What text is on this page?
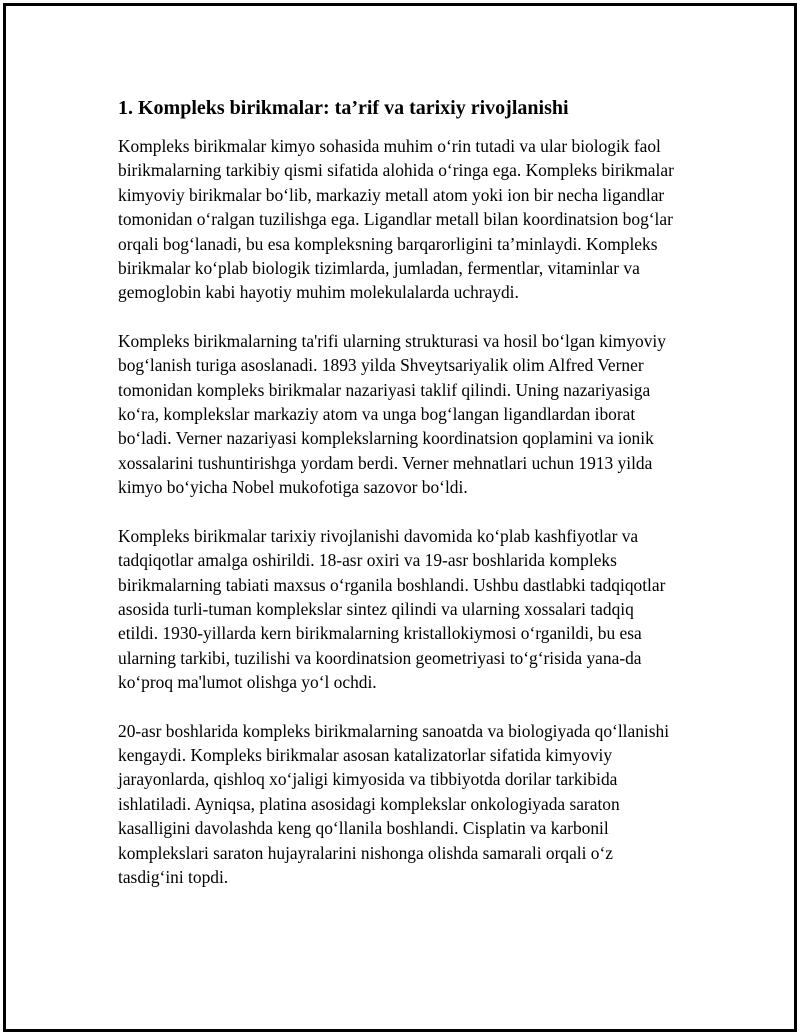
1. Kompleks birikmalar: ta’rif va tarixiy rivojlanishi

Kompleks birikmalar kimyo sohasida muhim o‘rin tutadi va ular biologik faol birikmalarning tarkibiy qismi sifatida alohida o‘ringa ega. Kompleks birikmalar kimyoviy birikmalar bo‘lib, markaziy metall atom yoki ion bir necha ligandlar tomonidan o‘ralgan tuzilishga ega. Ligandlar metall bilan koordinatsion bog‘lar orqali bog‘lanadi, bu esa kompleksning barqarorligini ta’minlaydi. Kompleks birikmalar ko‘plab biologik tizimlarda, jumladan, fermentlar, vitaminlar va gemoglobin kabi hayotiy muhim molekulalarda uchraydi.

Kompleks birikmalarning ta'rifi ularning strukturasi va hosil bo‘lgan kimyoviy bog‘lanish turiga asoslanadi. 1893 yilda Shveytsariyalik olim Alfred Verner tomonidan kompleks birikmalar nazariyasi taklif qilindi. Uning nazariyasiga ko‘ra, komplekslar markaziy atom va unga bog‘langan ligandlardan iborat bo‘ladi. Verner nazariyasi komplekslarning koordinatsion qoplamini va ionik xossalarini tushuntirishga yordam berdi. Verner mehnatlari uchun 1913 yilda kimyo bo‘yicha Nobel mukofotiga sazovor bo‘ldi.

Kompleks birikmalar tarixiy rivojlanishi davomida ko‘plab kashfiyotlar va tadqiqotlar amalga oshirildi. 18-asr oxiri va 19-asr boshlarida kompleks birikmalarning tabiati maxsus o‘rganila boshlandi. Ushbu dastlabki tadqiqotlar asosida turli-tuman komplekslar sintez qilindi va ularning xossalari tadqiq etildi. 1930-yillarda kern birikmalarning kristallokiymosi o‘rganildi, bu esa ularning tarkibi, tuzilishi va koordinatsion geometriyasi to‘g‘risida yana-da ko‘proq ma'lumot olishga yo‘l ochdi.

20-asr boshlarida kompleks birikmalarning sanoatda va biologiyada qo‘llanishi kengaydi. Kompleks birikmalar asosan katalizatorlar sifatida kimyoviy jarayonlarda, qishloq xo‘jaligi kimyosida va tibbiyotda dorilar tarkibida ishlatiladi. Ayniqsa, platina asosidagi komplekslar onkologiyada saraton kasalligini davolashda keng qo‘llanila boshlandi. Cisplatin va karbonil komplekslari saraton hujayralarini nishonga olishda samarali orqali o‘z tasdig‘ini topdi.
